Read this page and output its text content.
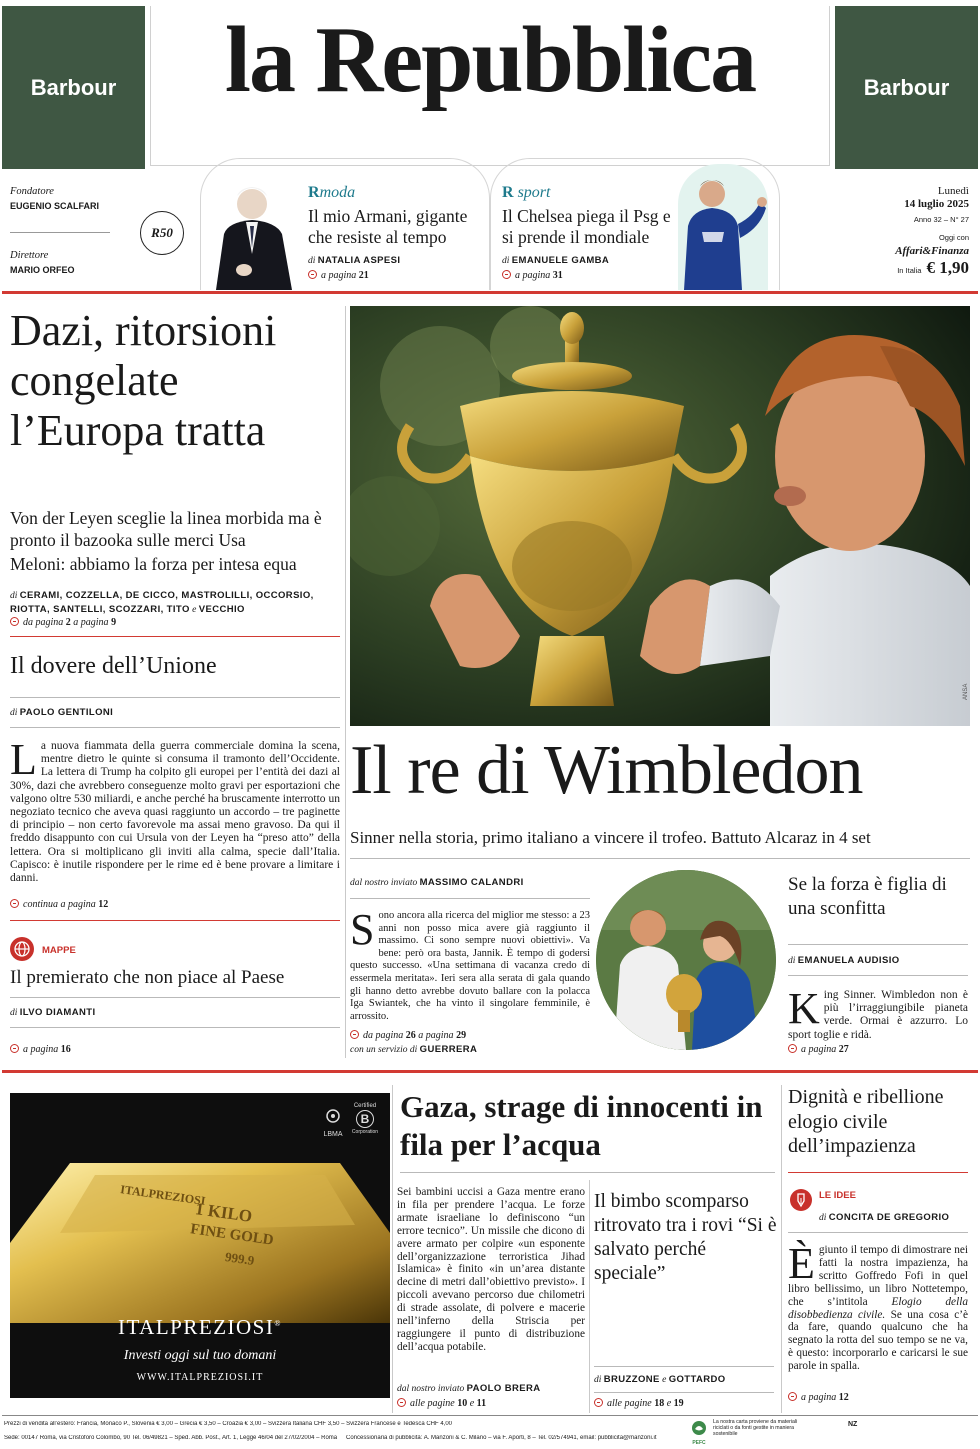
Barbour	Barbour
la Repubblica
Fondatore
EUGENIO SCALFARI
Direttore
MARIO ORFEO
R50
Rmoda
Il mio Armani, gigante che resiste al tempo
di NATALIA ASPESI
a pagina 21
R sport
Il Chelsea piega il Psg e si prende il mondiale
di EMANUELE GAMBA
a pagina 31
Lunedì
14 luglio 2025
Anno 32 – N° 27
Oggi con
Affari&Finanza
In Italia € 1,90
Dazi, ritorsioni congelate l’Europa tratta
Von der Leyen sceglie la linea morbida ma è pronto il bazooka sulle merci Usa
Meloni: abbiamo la forza per intesa equa
di CERAMI, COZZELLA, DE CICCO, MASTROLILLI, OCCORSIO,
RIOTTA, SANTELLI, SCOZZARI, TITO e VECCHIO
da pagina 2 a pagina 9
Il dovere dell’Unione
di PAOLO GENTILONI
La nuova fiammata della guerra commerciale domina la scena, mentre dietro le quinte si consuma il tramonto dell’Occidente. La lettera di Trump ha colpito gli europei per l’entità dei dazi al 30%, dazi che avrebbero conseguenze molto gravi per esportazioni che valgono oltre 530 miliardi, e anche perché ha bruscamente interrotto un negoziato tecnico che aveva quasi raggiunto un accordo – tre paginette di principio – non certo favorevole ma assai meno gravoso. Da qui il freddo disappunto con cui Ursula von der Leyen ha “preso atto” della lettera. Ora si moltiplicano gli inviti alla calma, specie dall’Italia. Capisco: è inutile rispondere per le rime ed è bene provare a limitare i danni.
continua a pagina 12
MAPPE
Il premierato che non piace al Paese
di ILVO DIAMANTI
a pagina 16
ANSA
Il re di Wimbledon
Sinner nella storia, primo italiano a vincere il trofeo. Battuto Alcaraz in 4 set
dal nostro inviato MASSIMO CALANDRI
Sono ancora alla ricerca del miglior me stesso: a 23 anni non posso mica avere già raggiunto il massimo. Ci sono sempre nuovi obiettivi». Va bene: però ora basta, Jannik. È tempo di godersi questo successo. «Una settimana di vacanza credo di essermela meritata». Ieri sera alla serata di gala quando gli hanno detto avrebbe dovuto ballare con la polacca Iga Swiantek, che ha vinto il singolare femminile, è arrossito.
da pagina 26 a pagina 29
con un servizio di GUERRERA
Se la forza è figlia di una sconfitta
di EMANUELA AUDISIO
King Sinner. Wimbledon non è più l’irraggiungibile pianeta verde. Ormai è azzurro. Lo sport toglie e ridà.
a pagina 27
ITALPREZIOSI
1 KILO
FINE GOLD
999.9
LBMA
Certified
B
Corporation
ITALPREZIOSI®
Investi oggi sul tuo domani
WWW.ITALPREZIOSI.IT
Gaza, strage di innocenti in fila per l’acqua
Sei bambini uccisi a Gaza mentre erano in fila per prendere l’acqua. Le forze armate israeliane lo definiscono “un errore tecnico”. Un missile che dicono di avere armato per colpire «un esponente dell’organizzazione terroristica Jihad Islamica» è finito «in un’area distante decine di metri dall’obiettivo previsto». I piccoli avevano percorso due chilometri di strade assolate, di polvere e macerie nell’inferno della Striscia per raggiungere il punto di distribuzione dell’acqua potabile.
dal nostro inviato PAOLO BRERA
alle pagine 10 e 11
Il bimbo scomparso ritrovato tra i rovi “Si è salvato perché speciale”
di BRUZZONE e GOTTARDO
alle pagine 18 e 19
Dignità e ribellione elogio civile dell’impazienza
LE IDEE
di CONCITA DE GREGORIO
Ègiunto il tempo di dimostrare nei fatti la nostra impazienza, ha scritto Goffredo Fofi in quel libro bellissimo, un libro Nottetempo, che s’intitola Elogio della disobbedienza civile. Se una cosa c’è da fare, quando qualcuno che ha segnato la rotta del suo tempo se ne va, è questo: incorporarlo e caricarsi le sue parole in spalla.
a pagina 12
Prezzi di vendita all’estero: Francia, Monaco P., Slovenia € 3,00 – Grecia € 3,50 – Croazia € 3,00 – Svizzera Italiana CHF 3,50 – Svizzera Francese e Tedesca CHF 4,00
Sede: 00147 Roma, via Cristoforo Colombo, 90 Tel. 06/49821 – Sped. Abb. Post., Art. 1, Legge 46/04 del 27/02/2004 – Roma	Concessionaria di pubblicità: A. Manzoni & C. Milano – via F. Aporti, 8 – Tel. 02/574941, email: pubblicita@manzoni.it
PEFC
La nostra carta proviene da materiali riciclati o da fonti gestite in maniera sostenibile
NZ
